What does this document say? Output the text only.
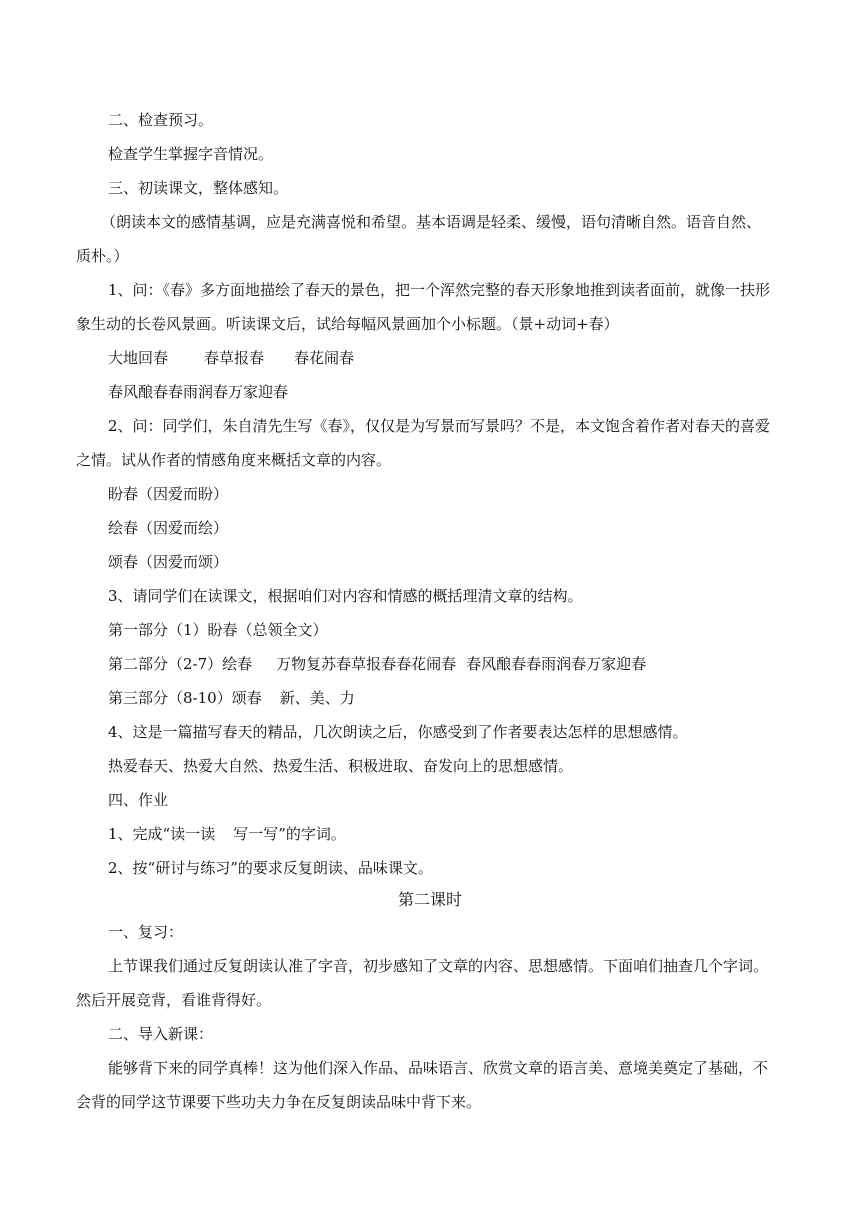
二、检查预习。
检查学生掌握字音情况。
三、初读课文，整体感知。
（朗读本文的感情基调，应是充满喜悦和希望。基本语调是轻柔、缓慢，语句清晰自然。语音自然、
质朴。）
1、问：《春》多方面地描绘了春天的景色，把一个浑然完整的春天形象地推到读者面前，就像一扶形
象生动的长卷风景画。听读课文后，试给每幅风景画加个小标题。（景+动词+春）
大地回春 春草报春 春花闹春
春风酿春春雨润春万家迎春
2、问：同学们，朱自清先生写《春》，仅仅是为写景而写景吗？不是，本文饱含着作者对春天的喜爱
之情。试从作者的情感角度来概括文章的内容。
盼春（因爱而盼）
绘春（因爱而绘）
颂春（因爱而颂）
3、请同学们在读课文，根据咱们对内容和情感的概括理清文章的结构。
第一部分（1）盼春（总领全文）
第二部分（2-7）绘春 万物复苏春草报春春花闹春 春风酿春春雨润春万家迎春
第三部分（8-10）颂春 新、美、力
4、这是一篇描写春天的精品，几次朗读之后，你感受到了作者要表达怎样的思想感情。
热爱春天、热爱大自然、热爱生活、积极进取、奋发向上的思想感情。
四、作业
1、完成“读一读 写一写”的字词。
2、按“研讨与练习”的要求反复朗读、品味课文。
第二课时
一、复习：
上节课我们通过反复朗读认准了字音，初步感知了文章的内容、思想感情。下面咱们抽查几个字词。
然后开展竞背，看谁背得好。
二、导入新课：
能够背下来的同学真棒！这为他们深入作品、品味语言、欣赏文章的语言美、意境美奠定了基础，不
会背的同学这节课要下些功夫力争在反复朗读品味中背下来。
